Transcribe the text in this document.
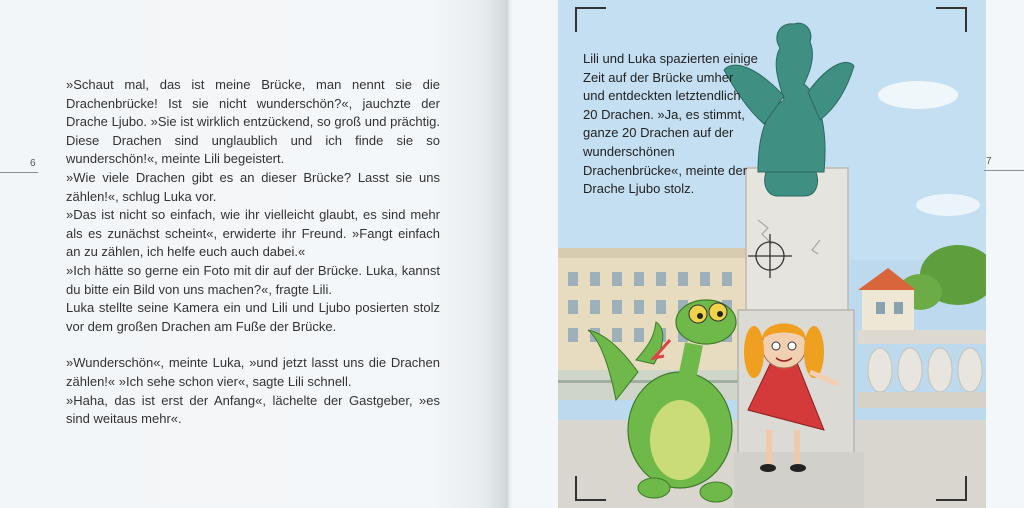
6

»Schaut mal, das ist meine Brücke, man nennt sie die Drachenbrücke! Ist sie nicht wunderschön?«, jauchzte der Drache Ljubo. »Sie ist wirklich entzückend, so groß und prächtig. Diese Drachen sind unglaublich und ich finde sie so wunderschön!«, meinte Lili begeistert.

»Wie viele Drachen gibt es an dieser Brücke? Lasst sie uns zählen!«, schlug Luka vor.

»Das ist nicht so einfach, wie ihr vielleicht glaubt, es sind mehr als es zunächst scheint«, erwiderte ihr Freund. »Fangt einfach an zu zählen, ich helfe euch auch dabei.«

»Ich hätte so gerne ein Foto mit dir auf der Brücke. Luka, kannst du bitte ein Bild von uns machen?«, fragte Lili.

Luka stellte seine Kamera ein und Lili und Ljubo posierten stolz vor dem großen Drachen am Fuße der Brücke.

»Wunderschön«, meinte Luka, »und jetzt lasst uns die Drachen zählen!« »Ich sehe schon vier«, sagte Lili schnell.

»Haha, das ist erst der Anfang«, lächelte der Gastgeber, »es sind weitaus mehr«.

Lili und Luka spazierten einige Zeit auf der Brücke umher und entdeckten letztendlich 20 Drachen. »Ja, es stimmt, ganze 20 Drachen auf der wunderschönen Drachenbrücke«, meinte der Drache Ljubo stolz.

7
